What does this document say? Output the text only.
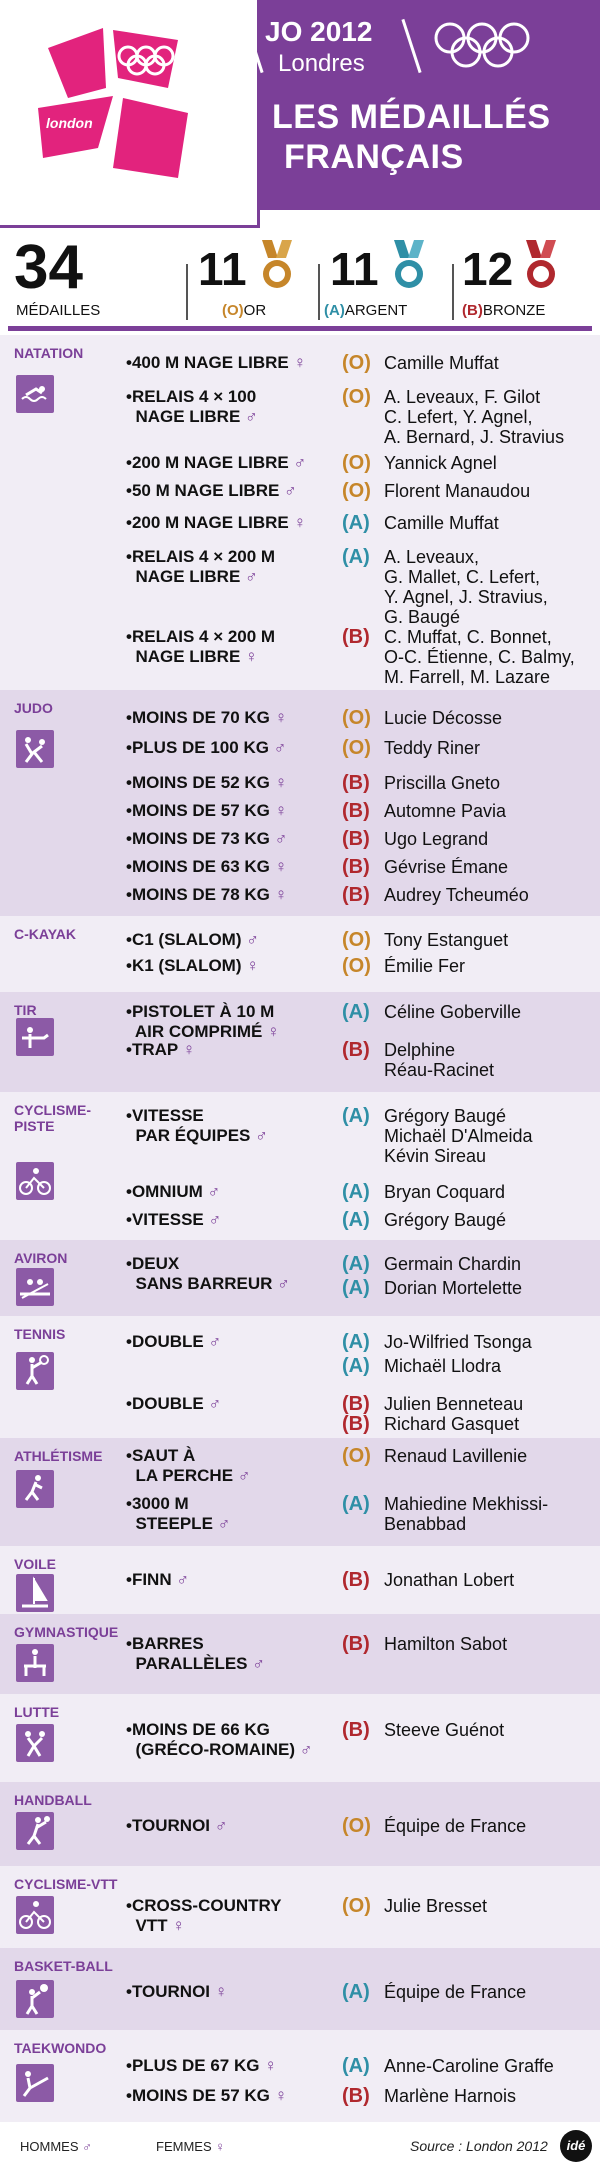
london
JO 2012
Londres
LES MÉDAILLÉS
FRANÇAIS
34
MÉDAILLES
11
(O)OR
11
(A)ARGENT
12
(B)BRONZE
NATATION	•400 M NAGE LIBRE ♀ (O) Camille Muffat
•RELAIS 4 × 100
NAGE LIBRE ♂
(O) A. Leveaux, F. Gilot
C. Lefert, Y. Agnel,
A. Bernard, J. Stravius
•200 M NAGE LIBRE ♂ (O) Yannick Agnel
•50 M NAGE LIBRE ♂ (O) Florent Manaudou
•200 M NAGE LIBRE ♀ (A) Camille Muffat
•RELAIS 4 × 200 M
NAGE LIBRE ♂
(A) A. Leveaux,
G. Mallet, C. Lefert,
Y. Agnel, J. Stravius,
G. Baugé
•RELAIS 4 × 200 M
NAGE LIBRE ♀
(B) C. Muffat, C. Bonnet,
O-C. Étienne, C. Balmy,
M. Farrell, M. Lazare
JUDO	•MOINS DE 70 KG ♀	(O) Lucie Décosse
•PLUS DE 100 KG ♂	(O) Teddy Riner
•MOINS DE 52 KG ♀	(B) Priscilla Gneto
•MOINS DE 57 KG ♀	(B) Automne Pavia
•MOINS DE 73 KG ♂	(B) Ugo Legrand
•MOINS DE 63 KG ♀	(B) Gévrise Émane
•MOINS DE 78 KG ♀	(B) Audrey Tcheuméo
C-KAYAK	•C1 (SLALOM) ♂	(O) Tony Estanguet
•K1 (SLALOM) ♀	(O) Émilie Fer
TIR	•PISTOLET À 10 M
AIR COMPRIMÉ ♀
(A) Céline Goberville
•TRAP ♀	(B) Delphine
Réau-Racinet
CYCLISME-
PISTE
•VITESSE
PAR ÉQUIPES ♂
(A) Grégory Baugé
Michaël D'Almeida
Kévin Sireau
•OMNIUM ♂	(A) Bryan Coquard
•VITESSE ♂	(A) Grégory Baugé
AVIRON	•DEUX
SANS BARREUR ♂
(A) Germain Chardin
(A) Dorian Mortelette
TENNIS	•DOUBLE ♂	(A) Jo-Wilfried Tsonga
(A) Michaël Llodra
•DOUBLE ♂	(B) Julien Benneteau
(B) Richard Gasquet
ATHLÉTISME •SAUT À
LA PERCHE ♂
(O) Renaud Lavillenie
•3000 M
STEEPLE ♂
(A) Mahiedine Mekhissi-
Benabbad
VOILE
•FINN ♂	(B) Jonathan Lobert
GYMNASTIQUE
•BARRES
PARALLÈLES ♂
(B) Hamilton Sabot
LUTTE
•MOINS DE 66 KG
(GRÉCO-ROMAINE) ♂
(B) Steeve Guénot
HANDBALL
•TOURNOI ♂	(O) Équipe de France
CYCLISME-VTT
•CROSS-COUNTRY
VTT ♀
(O) Julie Bresset
BASKET-BALL
•TOURNOI ♀	(A) Équipe de France
TAEKWONDO
•PLUS DE 67 KG ♀	(A) Anne-Caroline Graffe
•MOINS DE 57 KG ♀	(B) Marlène Harnois
HOMMES ♂	FEMMES ♀	Source : London 2012	idé
